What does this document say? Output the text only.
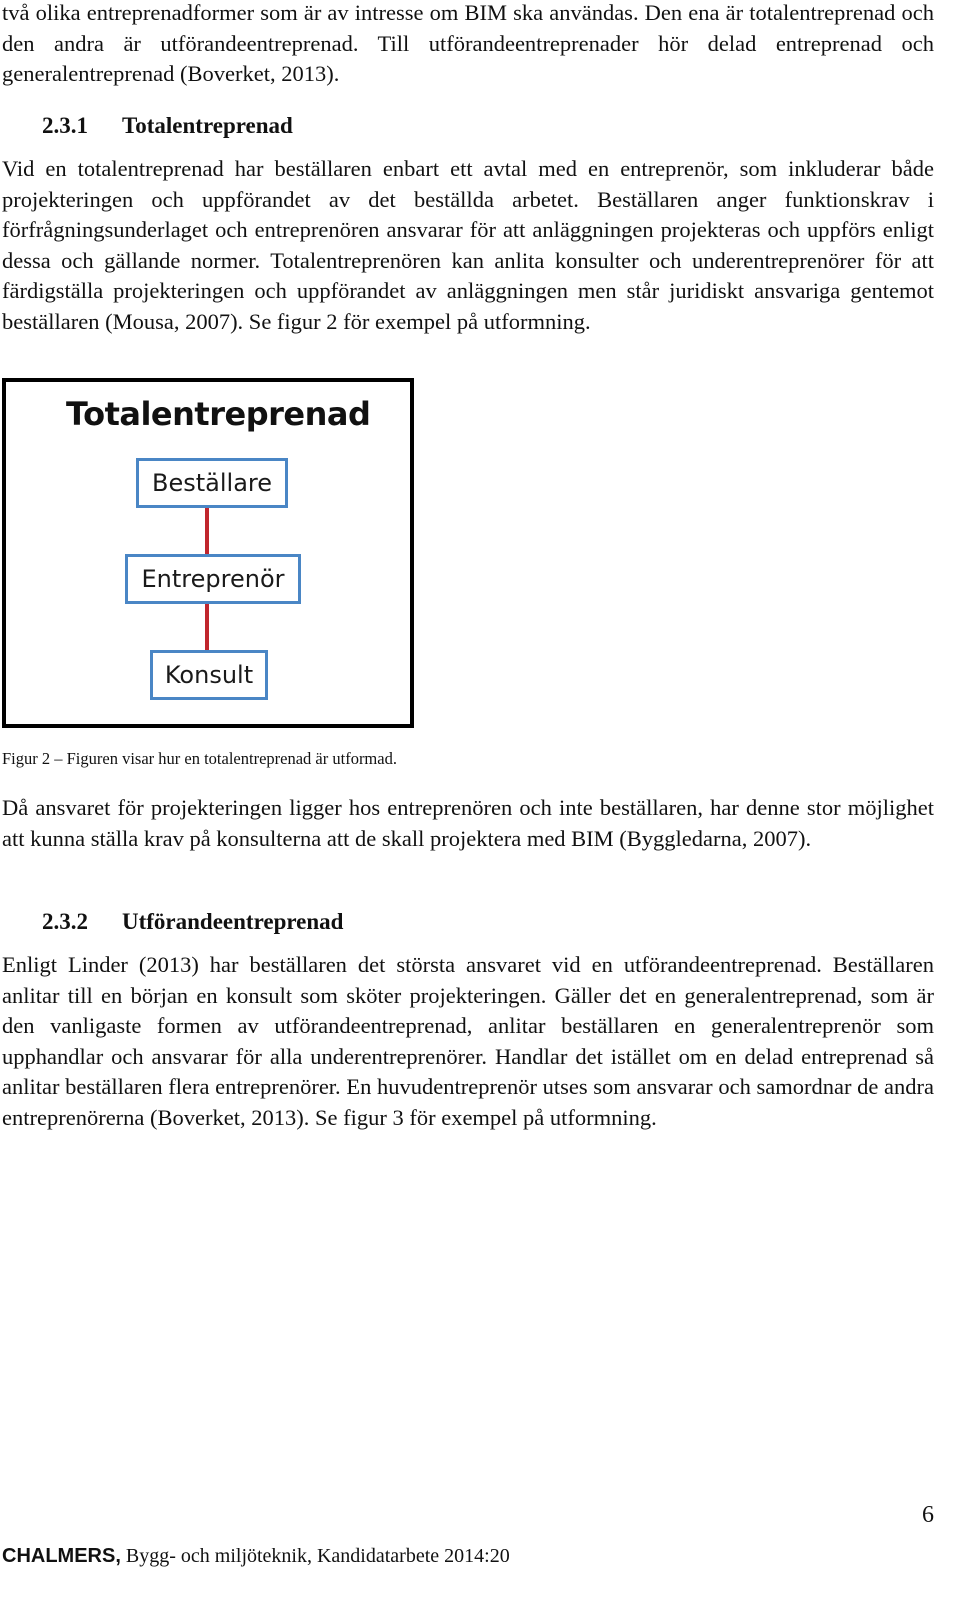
två olika entreprenadformer som är av intresse om BIM ska användas. Den ena är totalentreprenad och den andra är utförandeentreprenad. Till utförandeentreprenader hör delad entreprenad och generalentreprenad (Boverket, 2013).

2.3.1 Totalentreprenad

Vid en totalentreprenad har beställaren enbart ett avtal med en entreprenör, som inkluderar både projekteringen och uppförandet av det beställda arbetet. Beställaren anger funktionskrav i förfrågningsunderlaget och entreprenören ansvarar för att anläggningen projekteras och uppförs enligt dessa och gällande normer. Totalentreprenören kan anlita konsulter och underentreprenörer för att färdigställa projekteringen och uppförandet av anläggningen men står juridiskt ansvariga gentemot beställaren (Mousa, 2007). Se figur 2 för exempel på utformning.

Totalentreprenad
Beställare
Entreprenör
Konsult

Figur 2 – Figuren visar hur en totalentreprenad är utformad.

Då ansvaret för projekteringen ligger hos entreprenören och inte beställaren, har denne stor möjlighet att kunna ställa krav på konsulterna att de skall projektera med BIM (Byggledarna, 2007).

2.3.2 Utförandeentreprenad

Enligt Linder (2013) har beställaren det största ansvaret vid en utförandeentreprenad. Beställaren anlitar till en början en konsult som sköter projekteringen. Gäller det en generalentreprenad, som är den vanligaste formen av utförandeentreprenad, anlitar beställaren en generalentreprenör som upphandlar och ansvarar för alla underentreprenörer. Handlar det istället om en delad entreprenad så anlitar beställaren flera entreprenörer. En huvudentreprenör utses som ansvarar och samordnar de andra entreprenörerna (Boverket, 2013). Se figur 3 för exempel på utformning.

6
CHALMERS, Bygg- och miljöteknik, Kandidatarbete 2014:20
